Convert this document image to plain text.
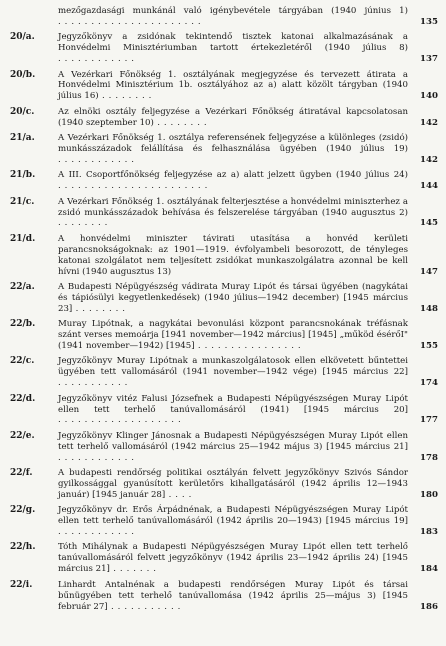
mezőgazdasági munkánál való igénybevétele tárgyában (1940 június 1) . . . . . . . . . . . . . . . . . . . . . .	135
20/a.	Jegyzőkönyv a zsidónak tekintendő tisztek katonai alkalmazásának a Honvédelmi Minisztériumban tartott értekezletéről (1940 július 8) . . . . . . . . . . . .	137
20/b.	A Vezérkari Főnökség 1. osztályának megjegyzése és tervezett átirata a Honvédelmi Minisztérium 1b. osztályához az a) alatt közölt tárgyban (1940 július 16) . . . . . . . .	140
20/c.	Az elnöki osztály feljegyzése a Vezérkari Főnökség átiratával kapcsolatosan (1940 szeptember 10) . . . . . . . .	142
21/a.	A Vezérkari Főnökség 1. osztálya referensének feljegyzése a különleges (zsidó) munkásszázadok felállítása és felhasználása ügyében (1940 július 19) . . . . . . . . . . . .	142
21/b.	A III. Csoportfőnökség feljegyzése az a) alatt jelzett ügyben (1940 július 24) . . . . . . . . . . . . . . . . . . . . . . .	144
21/c.	A Vezérkari Főnökség 1. osztályának felterjesztése a honvédelmi miniszterhez a zsidó munkásszázadok behívása és felszerelése tárgyában (1940 augusztus 2) . . . . . . . .	145
21/d.	A honvédelmi miniszter távirati utasítása a honvéd kerületi parancsnokságoknak: az 1901—1919. évfolyambeli besorozott, de tényleges katonai szolgálatot nem teljesített zsidókat munkaszolgálatra azonnal be kell hívni (1940 augusztus 13)	147
22/a.	A Budapesti Népügyészség vádirata Muray Lipót és társai ügyében (nagykátai és tápiósülyi kegyetlenkedések) (1940 július—1942 december) [1945 március 23] . . . . . . . .	148
22/b.	Muray Lipótnak, a nagykátai bevonulási központ parancsnokának tréfásnak szánt verses memoárja [1941 november—1942 március] [1945] „működ ésérőI" (1941 november—1942) [1945] . . . . . . . . . . . . . . . .	155
22/c.	Jegyzőkönyv Muray Lipótnak a munkaszolgálatosok ellen elkövetett bűntettei ügyében tett vallomásáról (1941 november—1942 vége) [1945 március 22] . . . . . . . . . . .	174
22/d.	Jegyzőkönyv vitéz Falusi Józsefnek a Budapesti Népügyészségen Muray Lipót ellen tett terhelő tanúvallomásáról (1941) [1945 március 20] . . . . . . . . . . . . . . . . . . .	177
22/e.	Jegyzőkönyv Klinger Jánosnak a Budapesti Népügyészségen Muray Lipót ellen tett terhelő vallomásáról (1942 március 25—1942 május 3) [1945 március 21] . . . . . . . . . . . .	178
22/f.	A budapesti rendőrség politikai osztályán felvett jegyzőkönyv Szivós Sándor gyilkossággal gyanúsított kerületőrs kihallgatásáról (1942 április 12—1943 január) [1945 január 28] . . . .	180
22/g.	Jegyzőkönyv dr. Erős Árpádnénak, a Budapesti Népügyészségen Muray Lipót ellen tett terhelő tanúvallomásáról (1942 április 20—1943) [1945 március 19] . . . . . . . . . . . .	183
22/h.	Tóth Mihálynak a Budapesti Népügyészségen Muray Lipót ellen tett terhelő tanúvallomásáról felvett jegyzőkönyv (1942 április 23—1942 április 24) [1945 március 21] . . . . . . .	184
22/i.	Linhardt Antalnénak a budapesti rendőrségen Muray Lipót és társai bűnügyében tett terhelő tanúvallomása (1942 április 25—május 3) [1945 február 27] . . . . . . . . . . .	186
